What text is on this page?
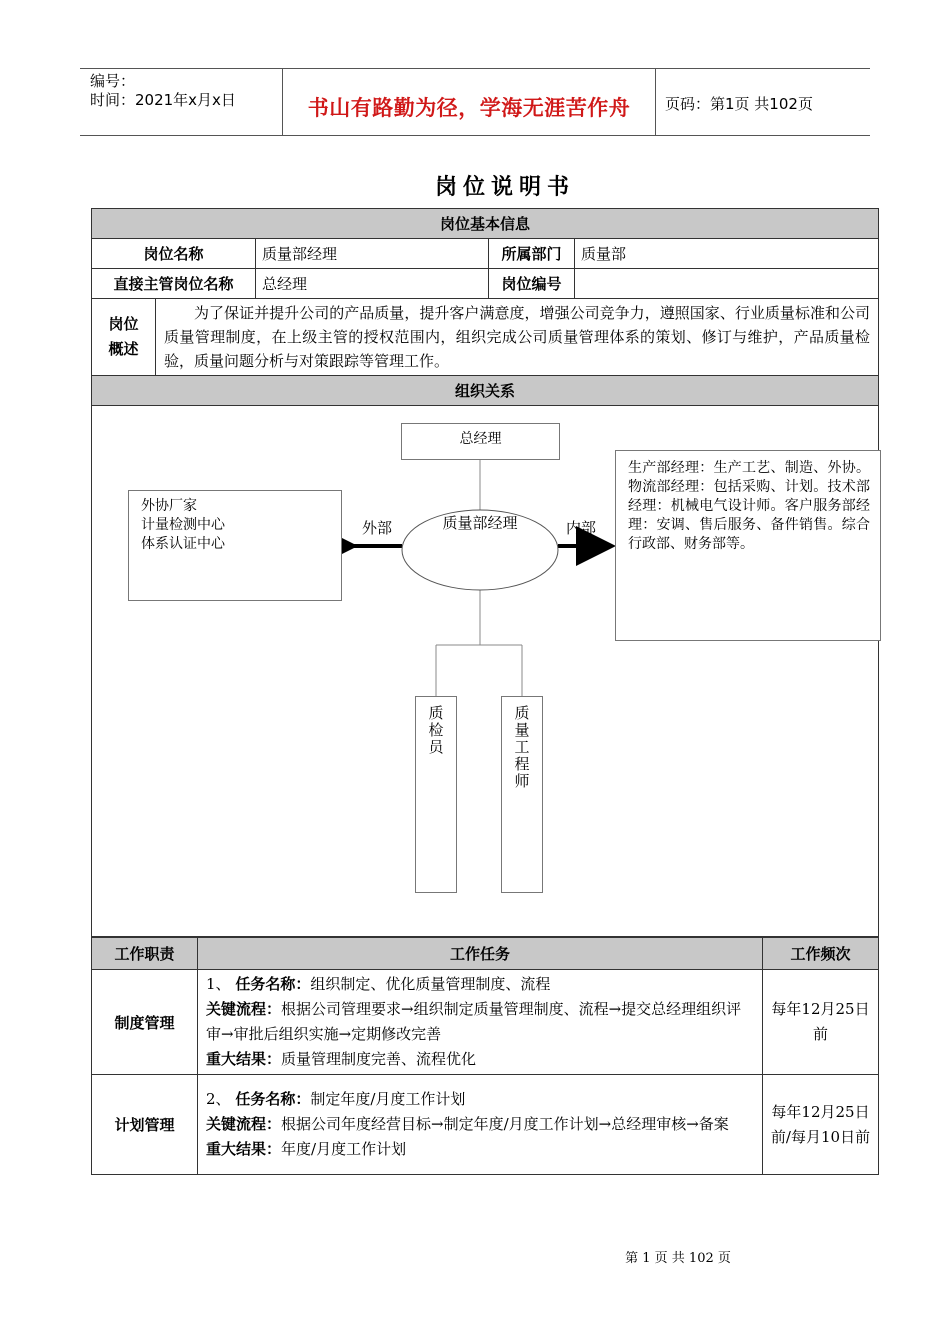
编号：
时间：2021年x月x日	书山有路勤为径，学海无涯苦作舟	页码：第1页 共102页
岗位说明书
岗位基本信息				
岗位名称		质量部经理	所属部门	质量部
直接主管岗位名称		总经理	岗位编号	
岗位概述	为了保证并提升公司的产品质量，提升客户满意度，增强公司竞争力，遵照国家、行业质量标准和公司质量管理制度，在上级主管的授权范围内，组织完成公司质量管理体系的策划、修订与维护，产品质量检验，质量问题分析与对策跟踪等管理工作。			
组织关系				

总经理
质量部经理
外部	内部
外协厂家
计量检测中心
体系认证中心
生产部经理：生产工艺、制造、外协。物流部经理：包括采购、计划。技术部经理：机械电气设计师。客户服务部经理：安调、售后服务、备件销售。综合行政部、财务部等。
质检员	质量工程师
工作职责	工作任务	工作频次
制度管理	1、 任务名称：组织制定、优化质量管理制度、流程
关键流程：根据公司管理要求→组织制定质量管理制度、流程→提交总经理组织评审→审批后组织实施→定期修改完善
重大结果：质量管理制度完善、流程优化	每年12月25日前
计划管理	2、 任务名称：制定年度/月度工作计划
关键流程：根据公司年度经营目标→制定年度/月度工作计划→总经理审核→备案
重大结果：年度/月度工作计划	每年12月25日前/每月10日前
第 1 页 共 102 页
